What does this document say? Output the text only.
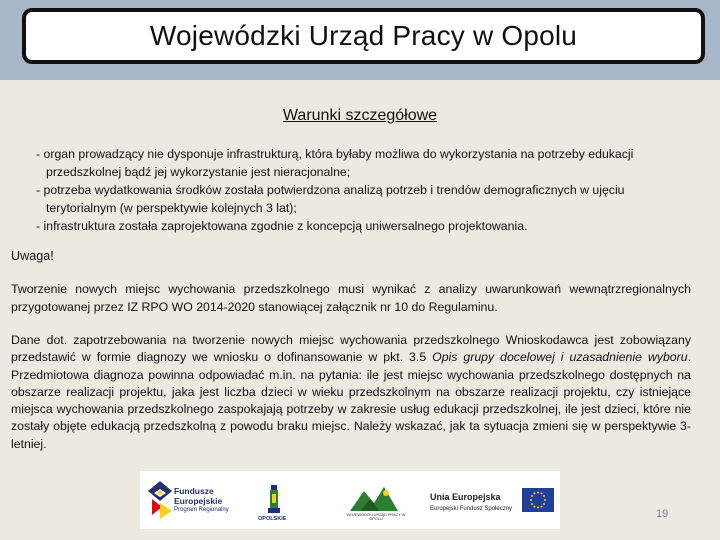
Wojewódzki Urząd Pracy w Opolu
Warunki szczegółowe
- organ prowadzący nie dysponuje infrastrukturą, która byłaby możliwa do wykorzystania na potrzeby edukacji przedszkolnej bądź jej wykorzystanie jest nieracjonalne;
- potrzeba wydatkowania środków została potwierdzona analizą potrzeb i trendów demograficznych w ujęciu terytorialnym (w perspektywie kolejnych 3 lat);
- infrastruktura została zaprojektowana zgodnie z koncepcją uniwersalnego projektowania.
Uwaga!
Tworzenie nowych miejsc wychowania przedszkolnego musi wynikać z analizy uwarunkowań wewnątrzregionalnych przygotowanej przez IZ RPO WO 2014-2020 stanowiącej załącznik nr 10 do Regulaminu.
Dane dot. zapotrzebowania na tworzenie nowych miejsc wychowania przedszkolnego Wnioskodawca jest zobowiązany przedstawić w formie diagnozy we wniosku o dofinansowanie w pkt. 3.5 Opis grupy docelowej i uzasadnienie wyboru. Przedmiotowa diagnoza powinna odpowiadać m.in. na pytania: ile jest miejsc wychowania przedszkolnego dostępnych na obszarze realizacji projektu, jaka jest liczba dzieci w wieku przedszkolnym na obszarze realizacji projektu, czy istniejące miejsca wychowania przedszkolnego zaspokajają potrzeby w zakresie usług edukacji przedszkolnej, ile jest dzieci, które nie zostały objęte edukacją przedszkolną z powodu braku miejsc. Należy wskazać, jak ta sytuacja zmieni się w perspektywie 3-letniej.
Fundusze
Europejskie
Program Regionalny
OPOLSKIE
WOJEWÓDZKI URZĄD PRACY W OPOLU
Unia Europejska
Europejski Fundusz Społeczny	19
